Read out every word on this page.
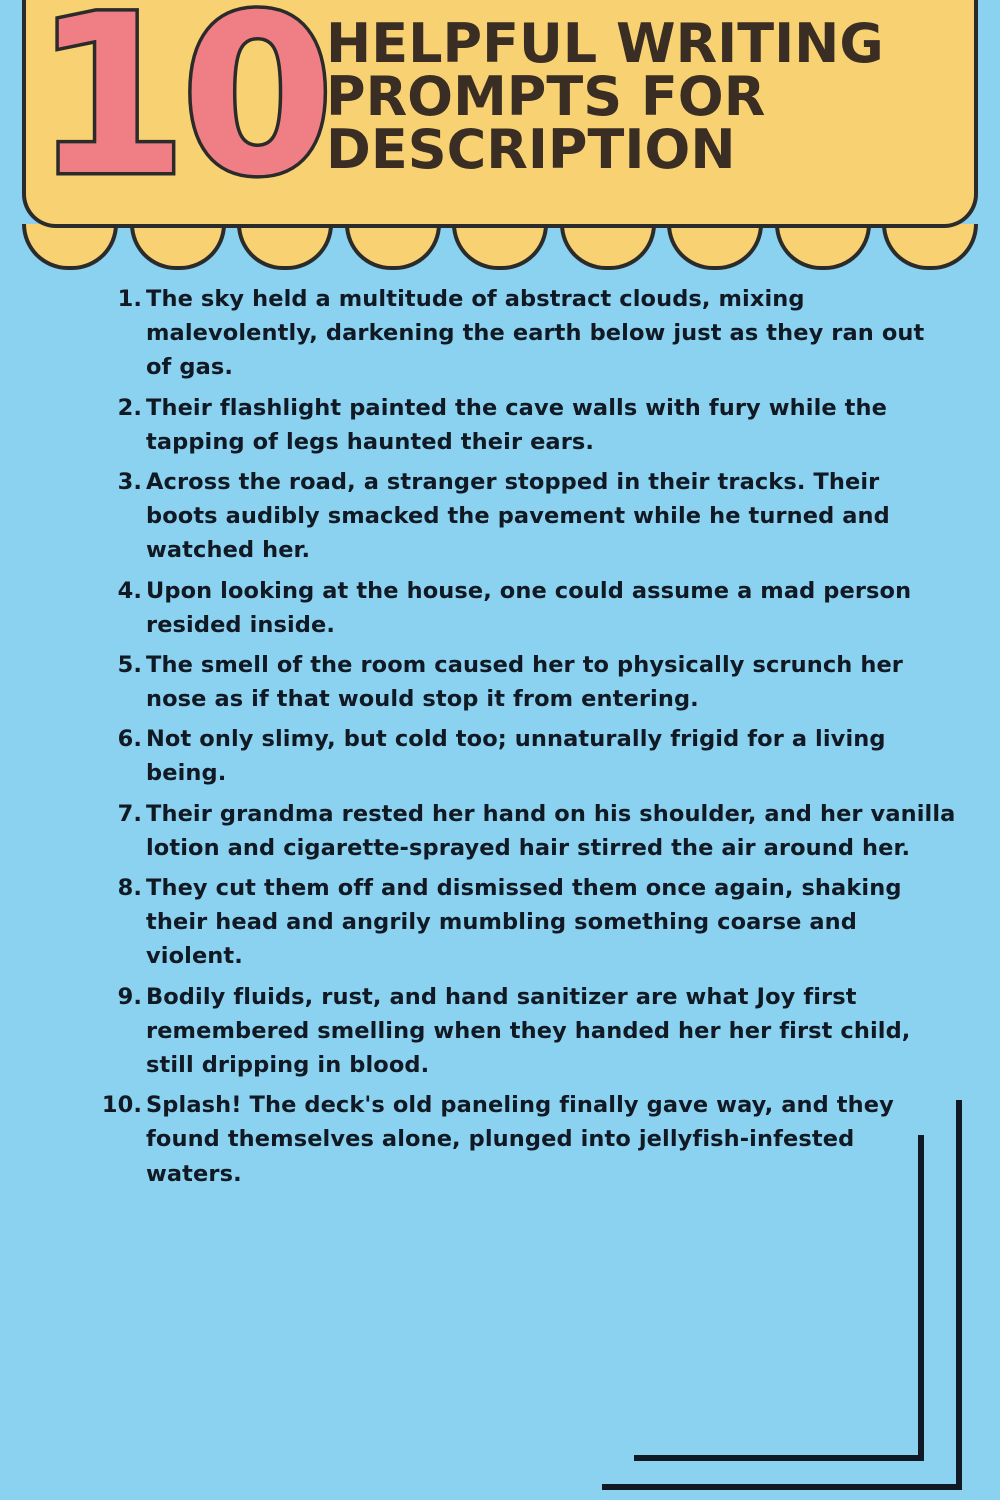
10
HELPFUL WRITING
PROMPTS FOR
DESCRIPTION
The sky held a multitude of abstract clouds, mixing malevolently, darkening the earth below just as they ran out of gas.
Their flashlight painted the cave walls with fury while the tapping of legs haunted their ears.
Across the road, a stranger stopped in their tracks. Their boots audibly smacked the pavement while he turned and watched her.
Upon looking at the house, one could assume a mad person resided inside.
The smell of the room caused her to physically scrunch her nose as if that would stop it from entering.
Not only slimy, but cold too; unnaturally frigid for a living being.
Their grandma rested her hand on his shoulder, and her vanilla lotion and cigarette-sprayed hair stirred the air around her.
They cut them off and dismissed them once again, shaking their head and angrily mumbling something coarse and violent.
Bodily fluids, rust, and hand sanitizer are what Joy first remembered smelling when they handed her her first child, still dripping in blood.
Splash! The deck's old paneling finally gave way, and they found themselves alone, plunged into jellyfish-infested waters.
